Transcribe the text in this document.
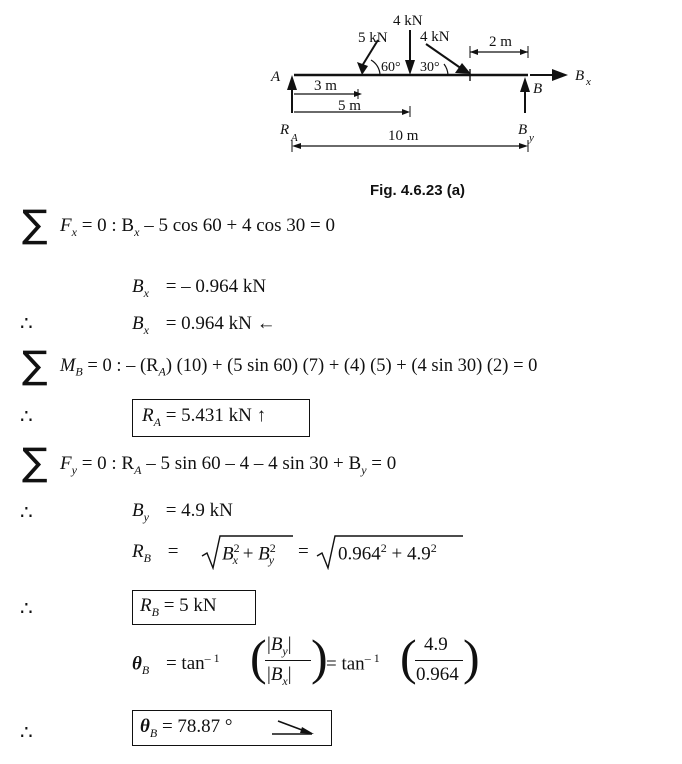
5 kN
4 kN
4 kN
60° 30°
3 m
5 m
10 m
2 m
A
B
B x
R A	B y
Fig. 4.6.23 (a)
∑ $F_x = 0$ : $B_x - 5$ cos 60 + 4 cos 30 = 0
$B_x$ = – 0.964 kN
∴	$B_x = 0.964$ kN ←
∑ $M_B = 0$ : – $(R_A) (10) + (5$ sin 60) (7) + (4) (5) + (4 sin 30) (2) = 0
∴	$R_A = 5.431$ kN ↑
∑ $F_y = 0$ : $R_A - 5$ sin 60 – 4 – 4 $\sin 30 + B_y = 0$
∴	$B_y = 4.9$ kN
$R_B = B^2_x + B^2_y = 0.964^2 + 4.9^2$
∴	$R_B = 5$ kN
$\theta_B = \tan^{- 1}$ ( $|B_y|$
$|B_x|$ )
= $\tan^{- 1}$ ( 4.9
0.964 )
∴	$\theta_B = 78.87$ °
